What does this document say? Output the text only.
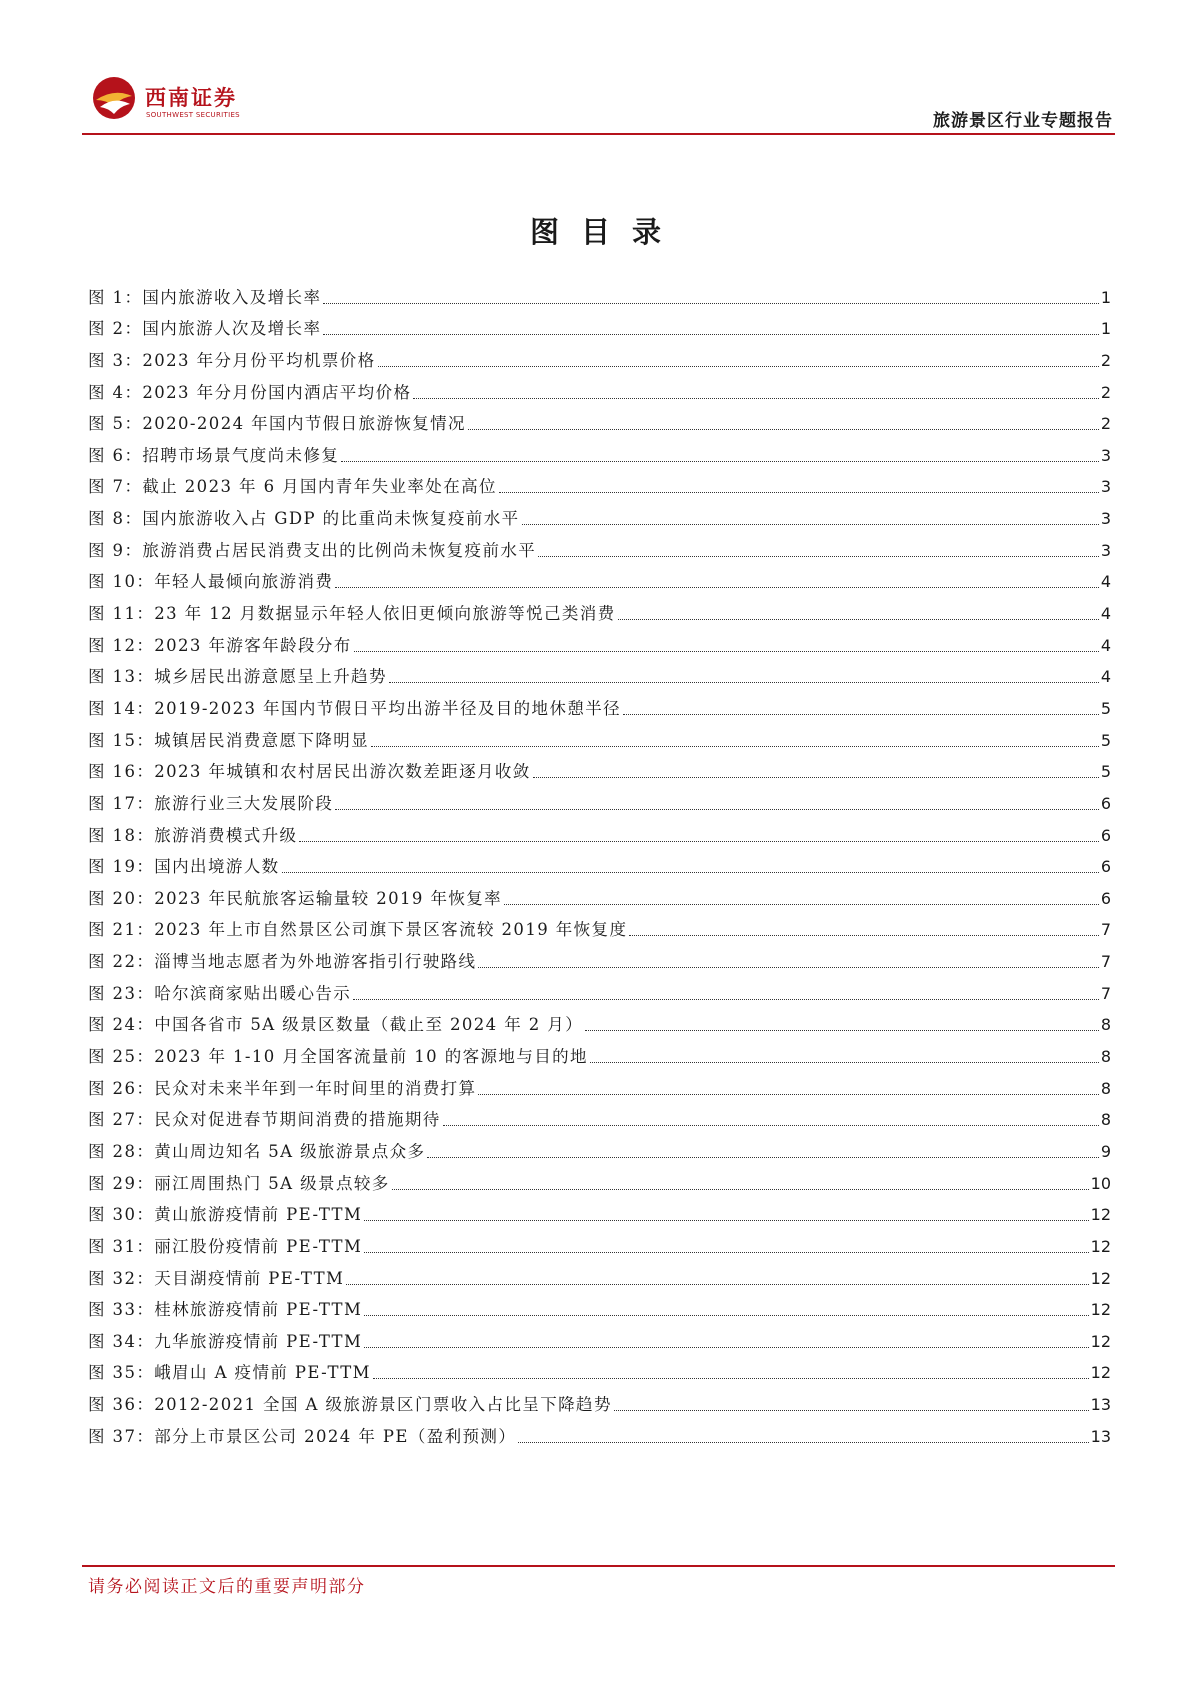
西南证券
SOUTHWEST SECURITIES	旅游景区行业专题报告
图目录
图 1：国内旅游收入及增长率	1
图 2：国内旅游人次及增长率	1
图 3：2023 年分月份平均机票价格	2
图 4：2023 年分月份国内酒店平均价格	2
图 5：2020-2024 年国内节假日旅游恢复情况	2
图 6：招聘市场景气度尚未修复	3
图 7：截止 2023 年 6 月国内青年失业率处在高位	3
图 8：国内旅游收入占 GDP 的比重尚未恢复疫前水平	3
图 9：旅游消费占居民消费支出的比例尚未恢复疫前水平	3
图 10：年轻人最倾向旅游消费	4
图 11：23 年 12 月数据显示年轻人依旧更倾向旅游等悦己类消费	4
图 12：2023 年游客年龄段分布	4
图 13：城乡居民出游意愿呈上升趋势	4
图 14：2019-2023 年国内节假日平均出游半径及目的地休憩半径	5
图 15：城镇居民消费意愿下降明显	5
图 16：2023 年城镇和农村居民出游次数差距逐月收敛	5
图 17：旅游行业三大发展阶段	6
图 18：旅游消费模式升级	6
图 19：国内出境游人数	6
图 20：2023 年民航旅客运输量较 2019 年恢复率	6
图 21：2023 年上市自然景区公司旗下景区客流较 2019 年恢复度	7
图 22：淄博当地志愿者为外地游客指引行驶路线	7
图 23：哈尔滨商家贴出暖心告示	7
图 24：中国各省市 5A 级景区数量（截止至 2024 年 2 月）	8
图 25：2023 年 1-10 月全国客流量前 10 的客源地与目的地	8
图 26：民众对未来半年到一年时间里的消费打算	8
图 27：民众对促进春节期间消费的措施期待	8
图 28：黄山周边知名 5A 级旅游景点众多	9
图 29：丽江周围热门 5A 级景点较多	10
图 30：黄山旅游疫情前 PE-TTM	12
图 31：丽江股份疫情前 PE-TTM	12
图 32：天目湖疫情前 PE-TTM	12
图 33：桂林旅游疫情前 PE-TTM	12
图 34：九华旅游疫情前 PE-TTM	12
图 35：峨眉山 A 疫情前 PE-TTM	12
图 36：2012-2021 全国 A 级旅游景区门票收入占比呈下降趋势	13
图 37：部分上市景区公司 2024 年 PE（盈利预测）	13
请务必阅读正文后的重要声明部分
